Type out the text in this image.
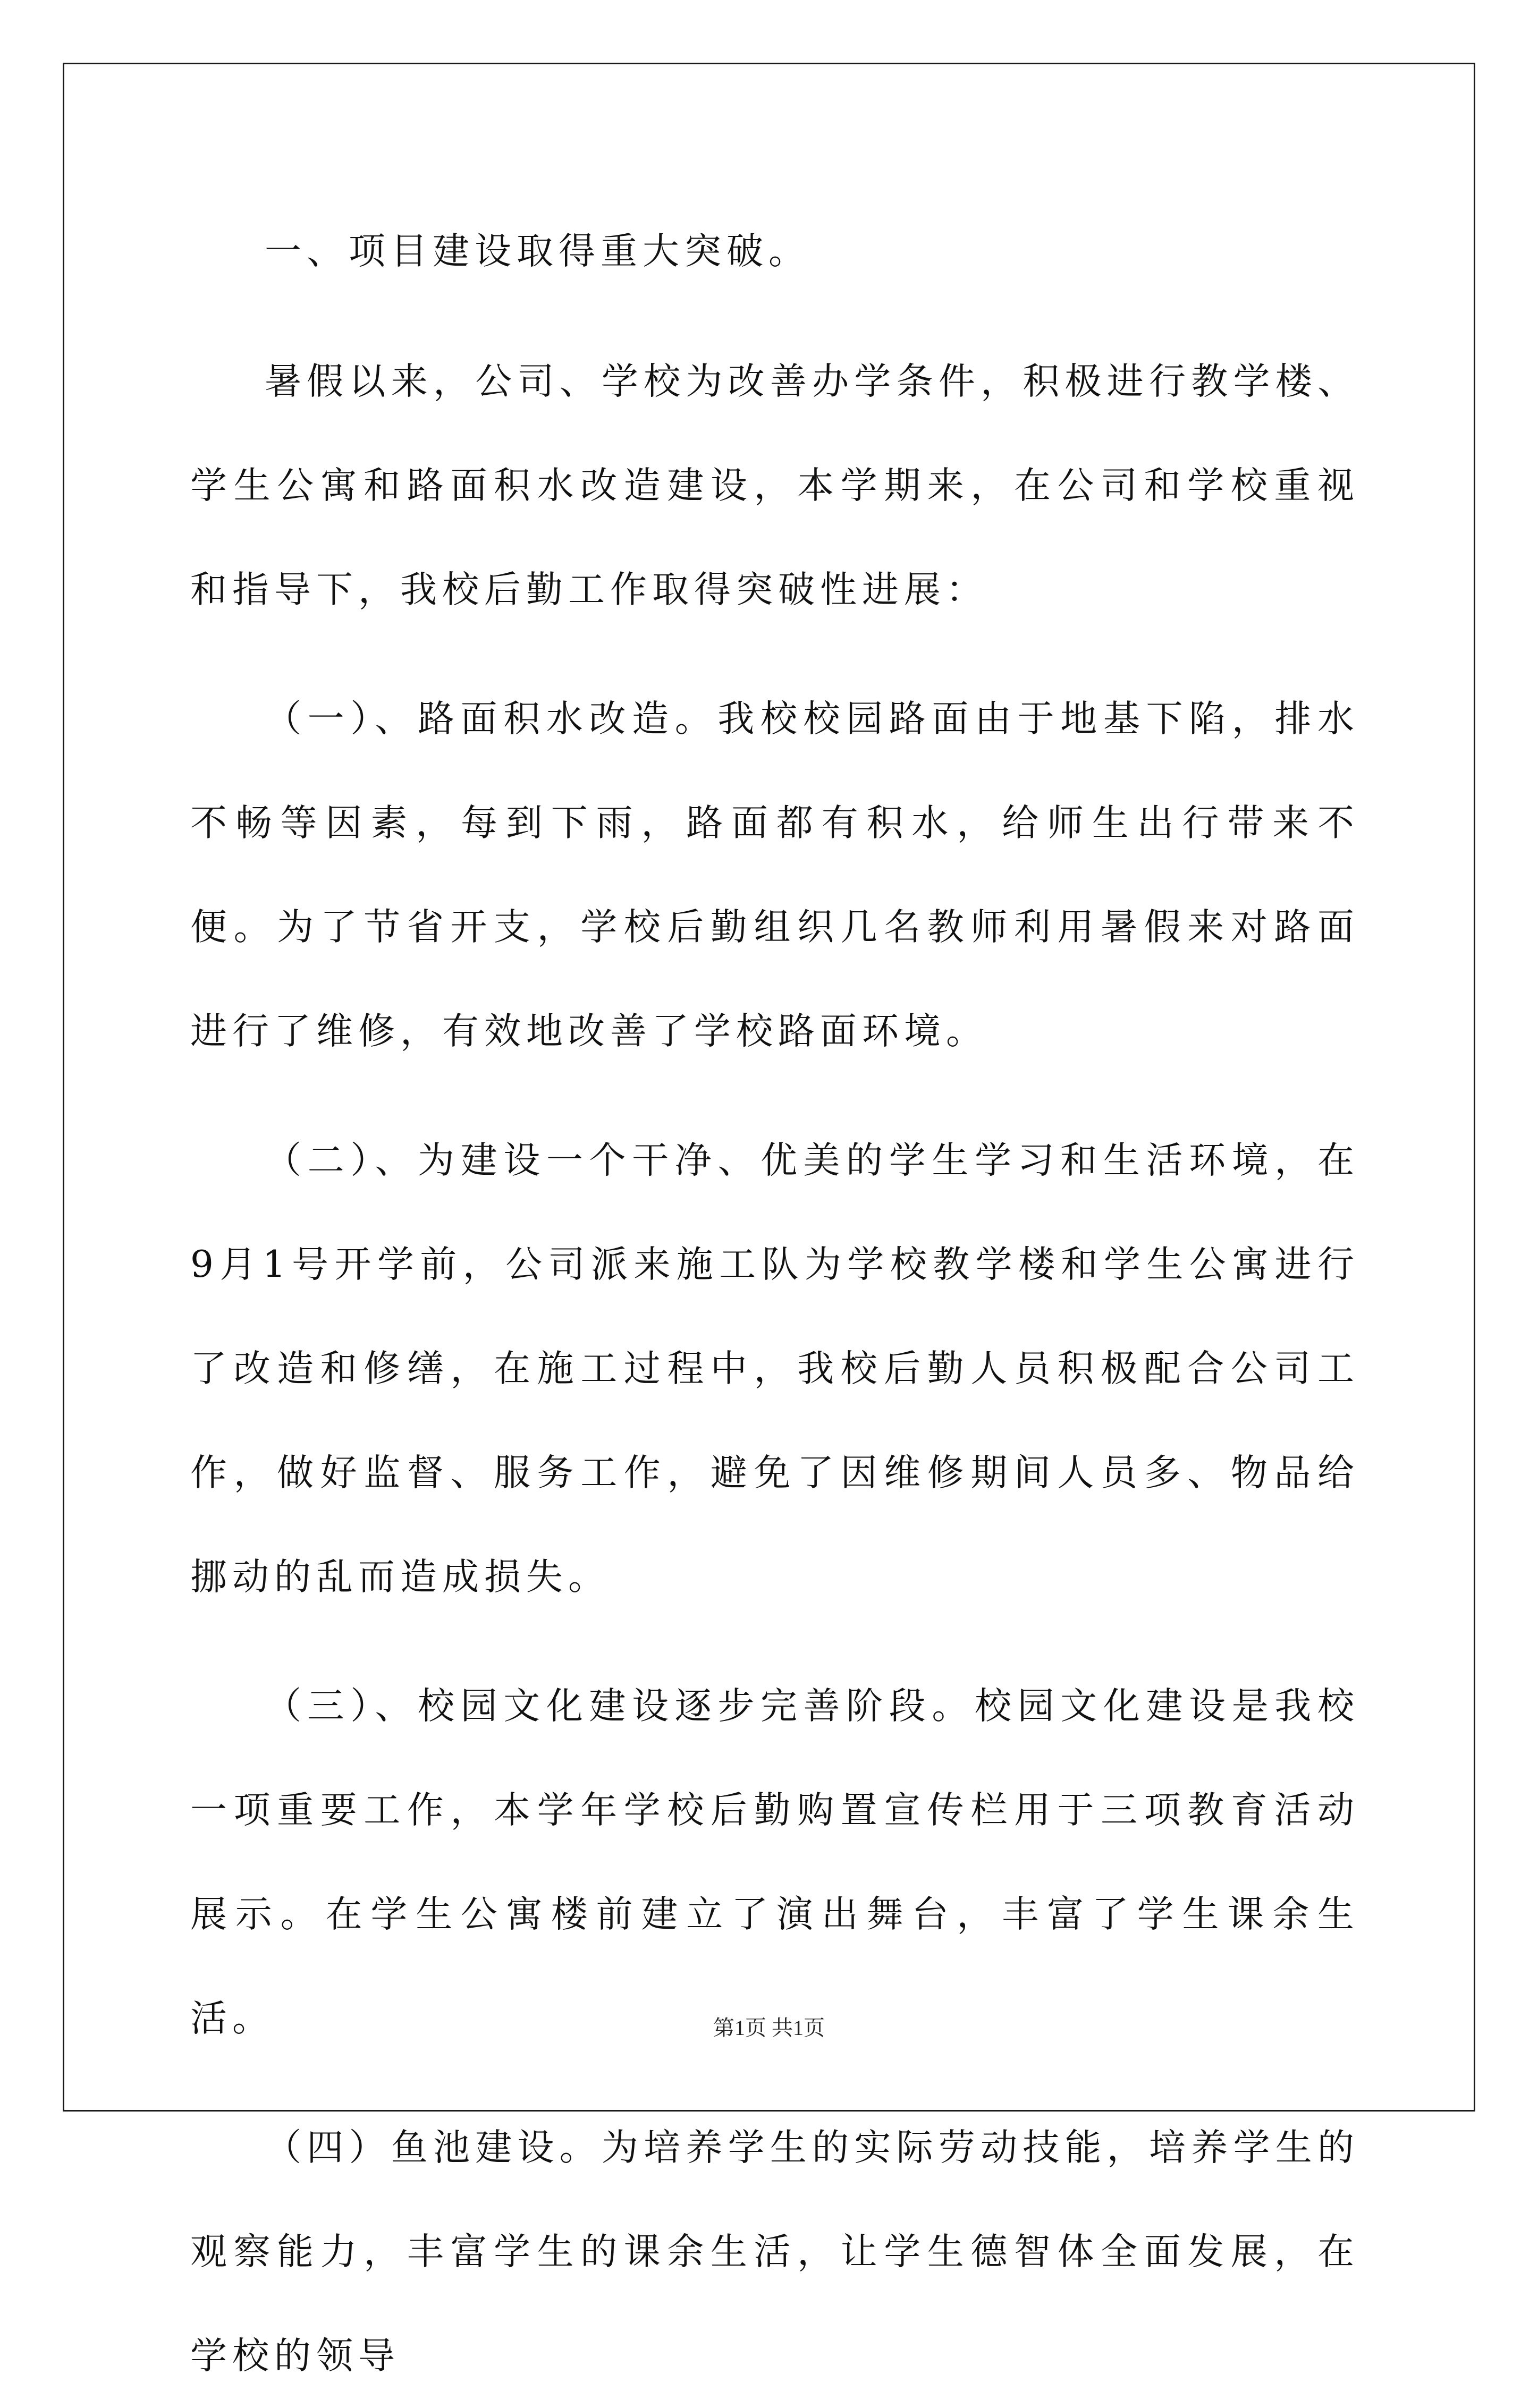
一、项目建设取得重大突破。

暑假以来，公司、学校为改善办学条件，积极进行教学楼、学生公寓和路面积水改造建设，本学期来，在公司和学校重视和指导下，我校后勤工作取得突破性进展：

（一）、路面积水改造。我校校园路面由于地基下陷，排水不畅等因素，每到下雨，路面都有积水，给师生出行带来不便。为了节省开支，学校后勤组织几名教师利用暑假来对路面进行了维修，有效地改善了学校路面环境。

（二）、为建设一个干净、优美的学生学习和生活环境，在9月1号开学前，公司派来施工队为学校教学楼和学生公寓进行了改造和修缮，在施工过程中，我校后勤人员积极配合公司工作，做好监督、服务工作，避免了因维修期间人员多、物品给挪动的乱而造成损失。

（三）、校园文化建设逐步完善阶段。校园文化建设是我校一项重要工作，本学年学校后勤购置宣传栏用于三项教育活动展示。在学生公寓楼前建立了演出舞台，丰富了学生课余生活。

（四）鱼池建设。为培养学生的实际劳动技能，培养学生的观察能力，丰富学生的课余生活，让学生德智体全面发展，在学校的领导

第1页 共1页
